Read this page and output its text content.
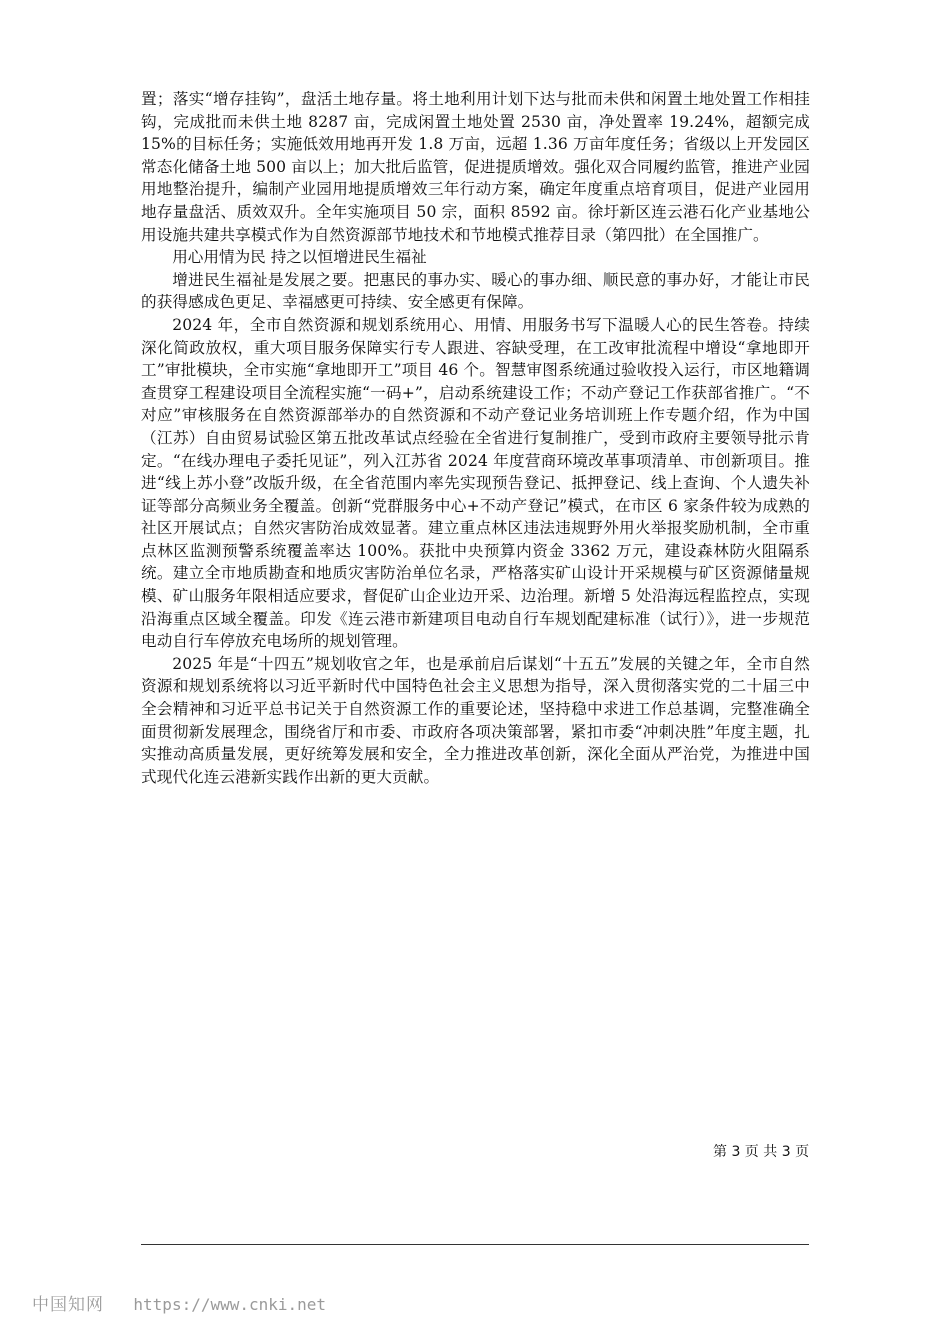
置；落实“增存挂钩”，盘活土地存量。将土地利用计划下达与批而未供和闲置土地处置工作相挂钩，完成批而未供土地 8287 亩，完成闲置土地处置 2530 亩，净处置率 19.24%，超额完成 15%的目标任务；实施低效用地再开发 1.8 万亩，远超 1.36 万亩年度任务；省级以上开发园区常态化储备土地 500 亩以上；加大批后监管，促进提质增效。强化双合同履约监管，推进产业园用地整治提升，编制产业园用地提质增效三年行动方案，确定年度重点培育项目，促进产业园用地存量盘活、质效双升。全年实施项目 50 宗，面积 8592 亩。徐圩新区连云港石化产业基地公用设施共建共享模式作为自然资源部节地技术和节地模式推荐目录（第四批）在全国推广。

用心用情为民 持之以恒增进民生福祉

增进民生福祉是发展之要。把惠民的事办实、暖心的事办细、顺民意的事办好，才能让市民的获得感成色更足、幸福感更可持续、安全感更有保障。

2024 年，全市自然资源和规划系统用心、用情、用服务书写下温暖人心的民生答卷。持续深化简政放权，重大项目服务保障实行专人跟进、容缺受理，在工改审批流程中增设“拿地即开工”审批模块，全市实施“拿地即开工”项目 46 个。智慧审图系统通过验收投入运行，市区地籍调查贯穿工程建设项目全流程实施“一码+”，启动系统建设工作；不动产登记工作获部省推广。“不对应”审核服务在自然资源部举办的自然资源和不动产登记业务培训班上作专题介绍，作为中国（江苏）自由贸易试验区第五批改革试点经验在全省进行复制推广，受到市政府主要领导批示肯定。“在线办理电子委托见证”，列入江苏省 2024 年度营商环境改革事项清单、市创新项目。推进“线上苏小登”改版升级，在全省范围内率先实现预告登记、抵押登记、线上查询、个人遗失补证等部分高频业务全覆盖。创新“党群服务中心+不动产登记”模式，在市区 6 家条件较为成熟的社区开展试点；自然灾害防治成效显著。建立重点林区违法违规野外用火举报奖励机制，全市重点林区监测预警系统覆盖率达 100%。获批中央预算内资金 3362 万元，建设森林防火阻隔系统。建立全市地质勘查和地质灾害防治单位名录，严格落实矿山设计开采规模与矿区资源储量规模、矿山服务年限相适应要求，督促矿山企业边开采、边治理。新增 5 处沿海远程监控点，实现沿海重点区域全覆盖。印发《连云港市新建项目电动自行车规划配建标准（试行）》，进一步规范电动自行车停放充电场所的规划管理。

2025 年是“十四五”规划收官之年，也是承前启后谋划“十五五”发展的关键之年，全市自然资源和规划系统将以习近平新时代中国特色社会主义思想为指导，深入贯彻落实党的二十届三中全会精神和习近平总书记关于自然资源工作的重要论述，坚持稳中求进工作总基调，完整准确全面贯彻新发展理念，围绕省厅和市委、市政府各项决策部署，紧扣市委“冲刺决胜”年度主题，扎实推动高质量发展，更好统筹发展和安全，全力推进改革创新，深化全面从严治党，为推进中国式现代化连云港新实践作出新的更大贡献。

第 3 页 共 3 页
中国知网 https://www.cnki.net
